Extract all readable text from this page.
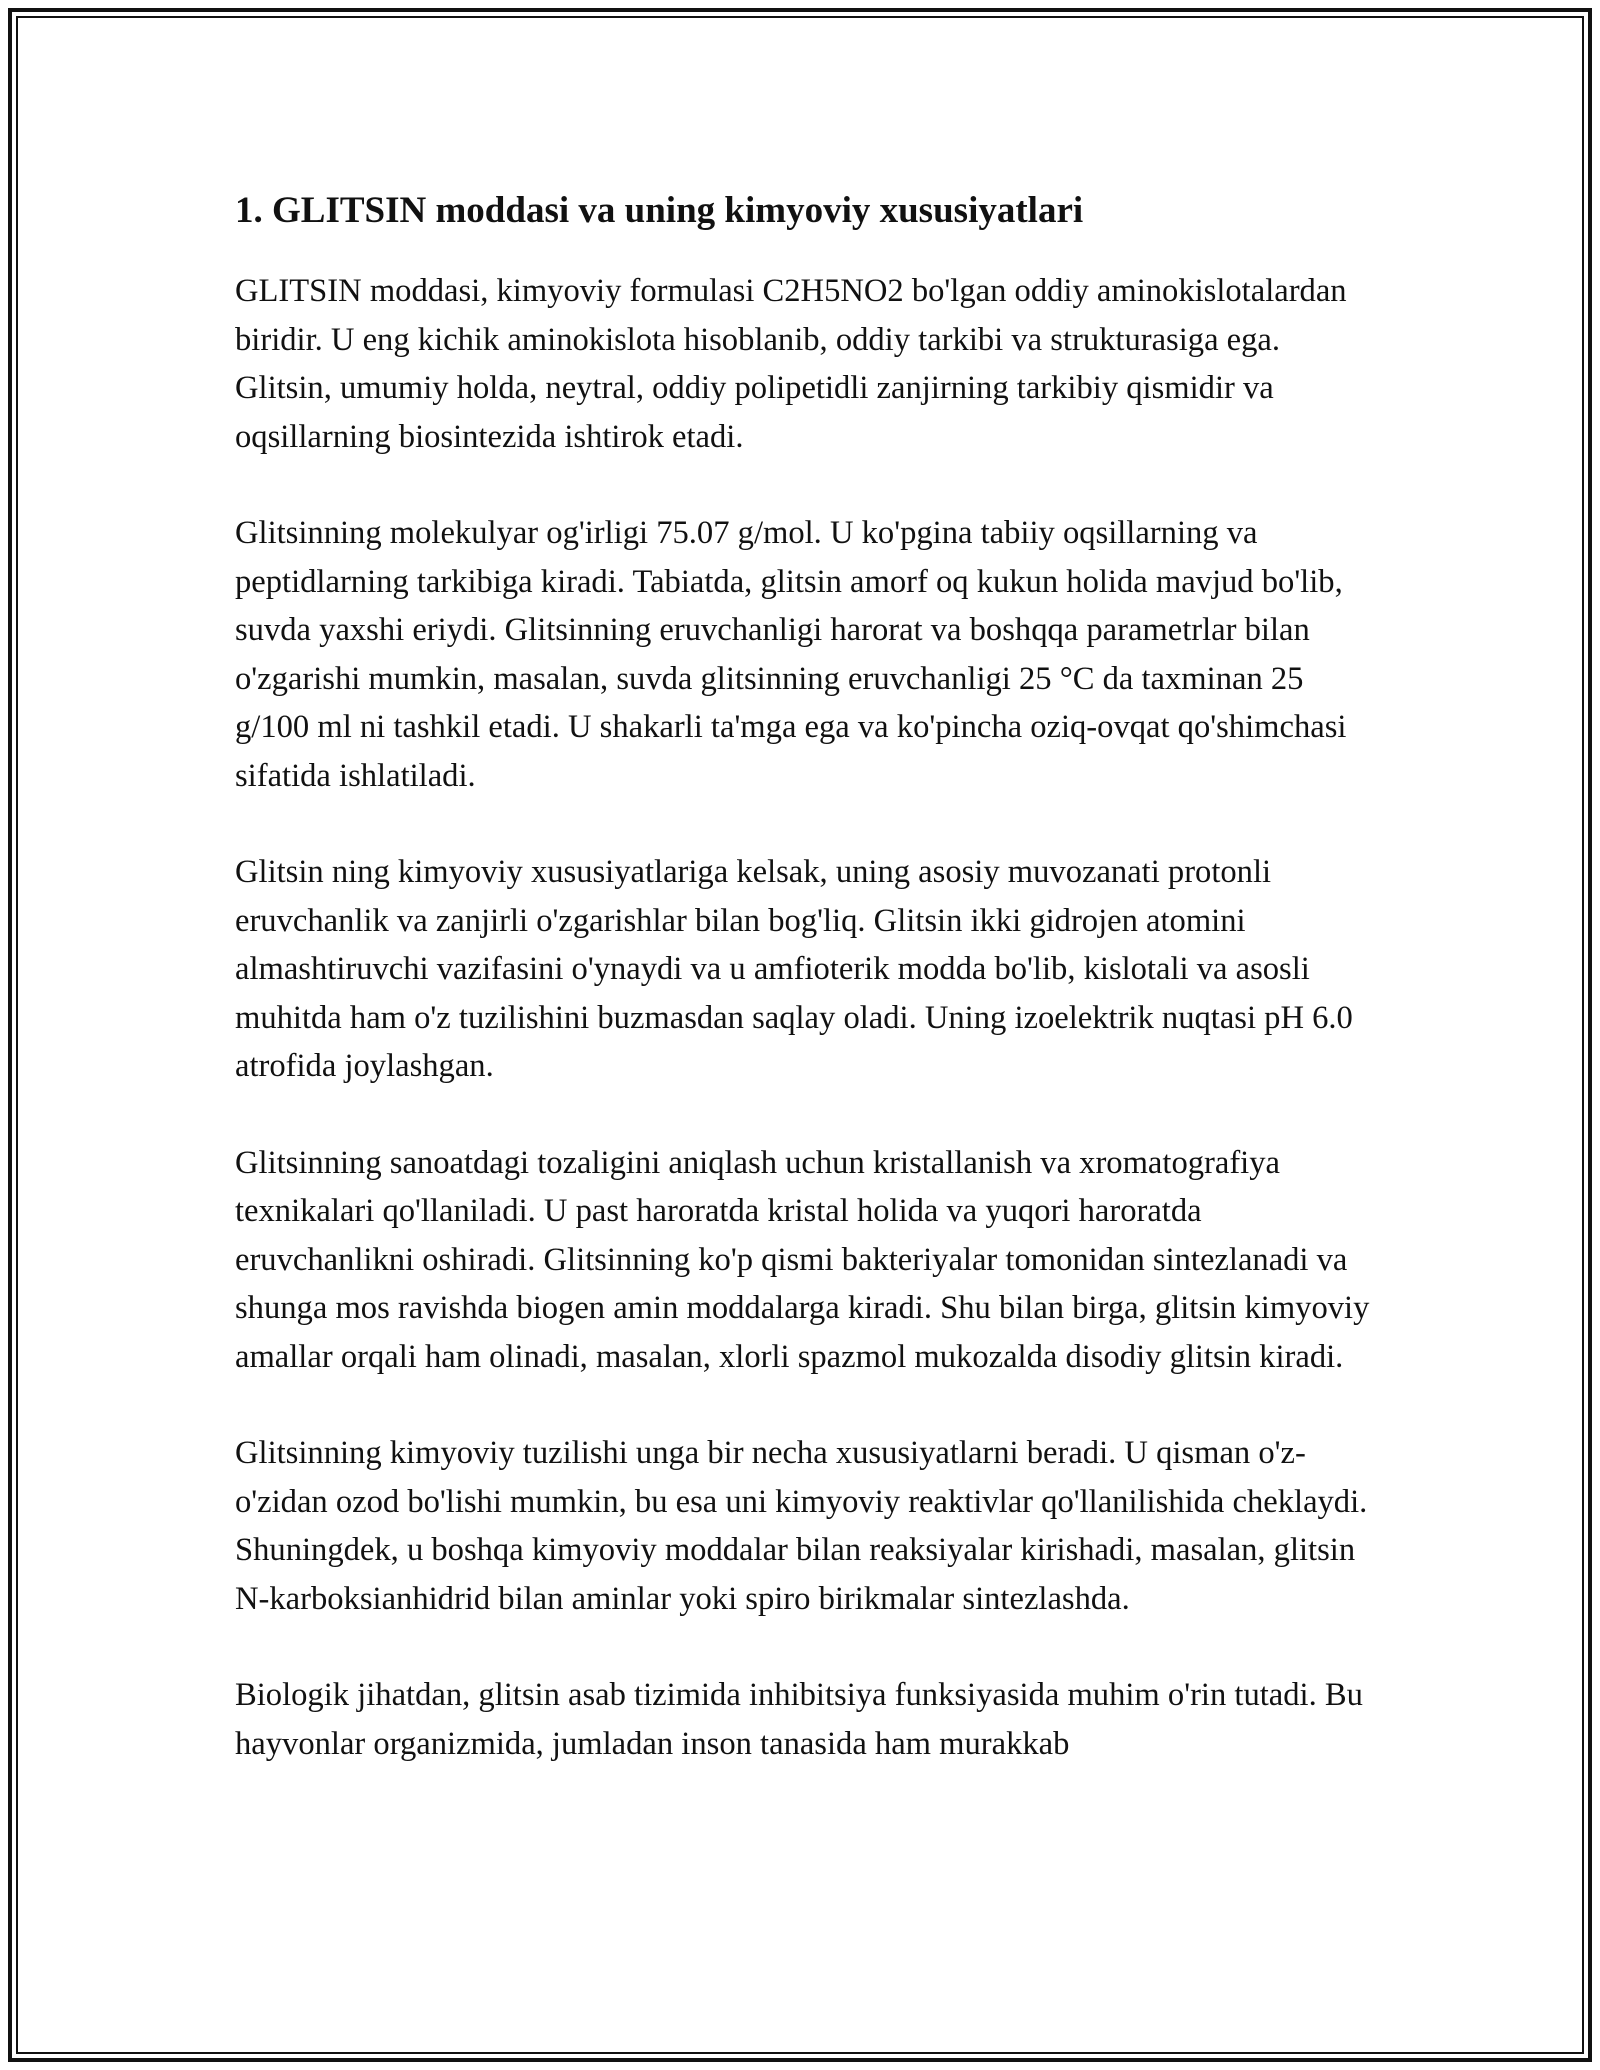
1. GLITSIN moddasi va uning kimyoviy xususiyatlari

GLITSIN moddasi, kimyoviy formulasi C2H5NO2 bo'lgan oddiy aminokislotalardan biridir. U eng kichik aminokislota hisoblanib, oddiy tarkibi va strukturasiga ega. Glitsin, umumiy holda, neytral, oddiy polipetidli zanjirning tarkibiy qismidir va oqsillarning biosintezida ishtirok etadi.

Glitsinning molekulyar og'irligi 75.07 g/mol. U ko'pgina tabiiy oqsillarning va peptidlarning tarkibiga kiradi. Tabiatda, glitsin amorf oq kukun holida mavjud bo'lib, suvda yaxshi eriydi. Glitsinning eruvchanligi harorat va boshqqa parametrlar bilan o'zgarishi mumkin, masalan, suvda glitsinning eruvchanligi 25 °C da taxminan 25 g/100 ml ni tashkil etadi. U shakarli ta'mga ega va ko'pincha oziq-ovqat qo'shimchasi sifatida ishlatiladi.

Glitsin ning kimyoviy xususiyatlariga kelsak, uning asosiy muvozanati protonli eruvchanlik va zanjirli o'zgarishlar bilan bog'liq. Glitsin ikki gidrojen atomini almashtiruvchi vazifasini o'ynaydi va u amfioterik modda bo'lib, kislotali va asosli muhitda ham o'z tuzilishini buzmasdan saqlay oladi. Uning izoelektrik nuqtasi pH 6.0 atrofida joylashgan.

Glitsinning sanoatdagi tozaligini aniqlash uchun kristallanish va xromatografiya texnikalari qo'llaniladi. U past haroratda kristal holida va yuqori haroratda eruvchanlikni oshiradi. Glitsinning ko'p qismi bakteriyalar tomonidan sintezlanadi va shunga mos ravishda biogen amin moddalarga kiradi. Shu bilan birga, glitsin kimyoviy amallar orqali ham olinadi, masalan, xlorli spazmol mukozalda disodiy glitsin kiradi.

Glitsinning kimyoviy tuzilishi unga bir necha xususiyatlarni beradi. U qisman o'z-o'zidan ozod bo'lishi mumkin, bu esa uni kimyoviy reaktivlar qo'llanilishida cheklaydi. Shuningdek, u boshqa kimyoviy moddalar bilan reaksiyalar kirishadi, masalan, glitsin N-karboksianhidrid bilan aminlar yoki spiro birikmalar sintezlashda.

Biologik jihatdan, glitsin asab tizimida inhibitsiya funksiyasida muhim o'rin tutadi. Bu hayvonlar organizmida, jumladan inson tanasida ham murakkab
